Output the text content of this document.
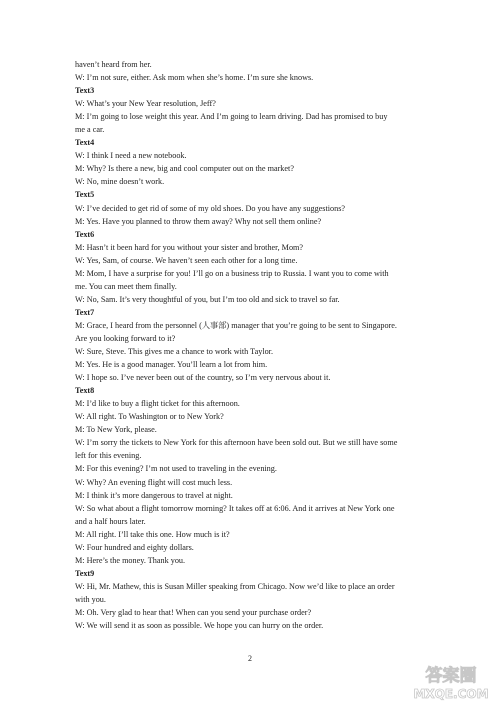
haven’t heard from her.
W: I’m not sure, either. Ask mom when she’s home. I’m sure she knows.
Text3
W: What’s your New Year resolution, Jeff?
M: I’m going to lose weight this year. And I’m going to learn driving. Dad has promised to buy
me a car.
Text4
W: I think I need a new notebook.
M: Why? Is there a new, big and cool computer out on the market?
W: No, mine doesn’t work.
Text5
W: I’ve decided to get rid of some of my old shoes. Do you have any suggestions?
M: Yes. Have you planned to throw them away? Why not sell them online?
Text6
M: Hasn’t it been hard for you without your sister and brother, Mom?
W: Yes, Sam, of course. We haven’t seen each other for a long time.
M: Mom, I have a surprise for you! I’ll go on a business trip to Russia. I want you to come with
me. You can meet them finally.
W: No, Sam. It’s very thoughtful of you, but I’m too old and sick to travel so far.
Text7
M: Grace, I heard from the personnel (人事部) manager that you’re going to be sent to Singapore.
Are you looking forward to it?
W: Sure, Steve. This gives me a chance to work with Taylor.
M: Yes. He is a good manager. You’ll learn a lot from him.
W: I hope so. I’ve never been out of the country, so I’m very nervous about it.
Text8
M: I’d like to buy a flight ticket for this afternoon.
W: All right. To Washington or to New York?
M: To New York, please.
W: I’m sorry the tickets to New York for this afternoon have been sold out. But we still have some
left for this evening.
M: For this evening? I’m not used to traveling in the evening.
W: Why? An evening flight will cost much less.
M: I think it’s more dangerous to travel at night.
W: So what about a flight tomorrow morning? It takes off at 6:06. And it arrives at New York one
and a half hours later.
M: All right. I’ll take this one. How much is it?
W: Four hundred and eighty dollars.
M: Here’s the money. Thank you.
Text9
W: Hi, Mr. Mathew, this is Susan Miller speaking from Chicago. Now we’d like to place an order
with you.
M: Oh. Very glad to hear that! When can you send your purchase order?
W: We will send it as soon as possible. We hope you can hurry on the order.
2
答案圈
MXQE.COM
